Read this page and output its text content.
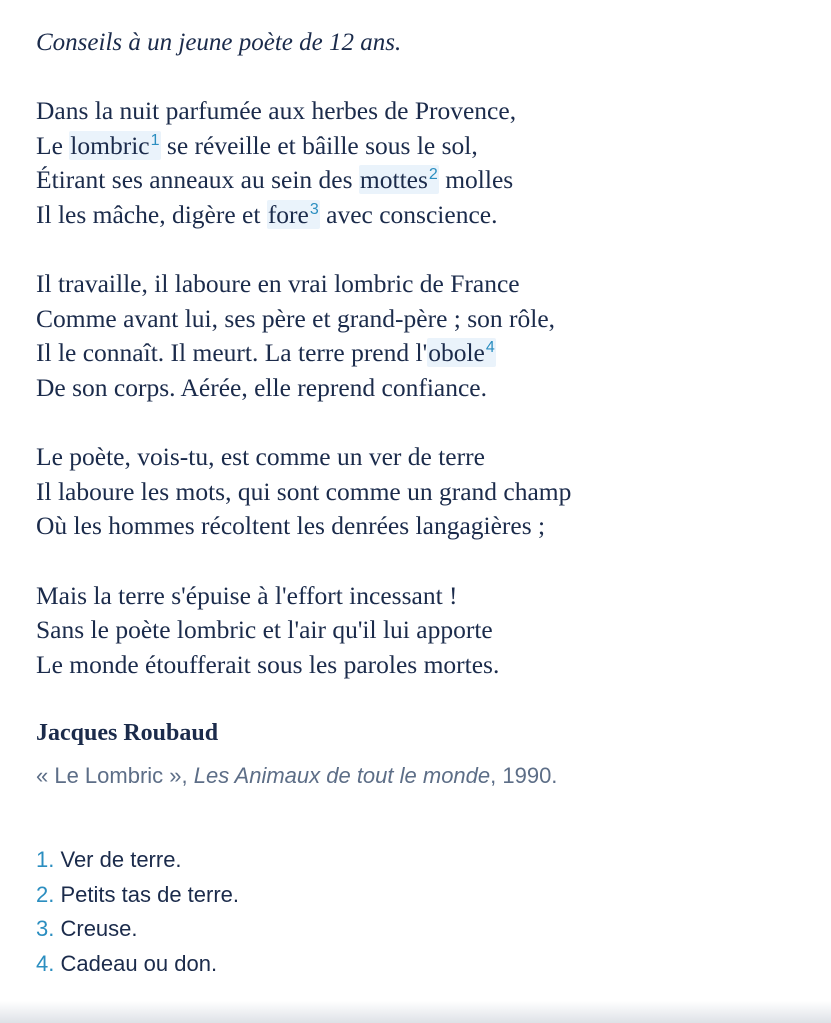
Conseils à un jeune poète de 12 ans.
Dans la nuit parfumée aux herbes de Provence,
Le lombric$^1$ se réveille et bâille sous le sol,
Étirant ses anneaux au sein des mottes$^2$ molles
Il les mâche, digère et fore$^3$ avec conscience.
Il travaille, il laboure en vrai lombric de France
Comme avant lui, ses père et grand-père ; son rôle,
Il le connaît. Il meurt. La terre prend l'obole$^4$
De son corps. Aérée, elle reprend confiance.
Le poète, vois-tu, est comme un ver de terre
Il laboure les mots, qui sont comme un grand champ
Où les hommes récoltent les denrées langagières ;
Mais la terre s'épuise à l'effort incessant !
Sans le poète lombric et l'air qu'il lui apporte
Le monde étoufferait sous les paroles mortes.
Jacques Roubaud
« Le Lombric », Les Animaux de tout le monde, 1990.
1. Ver de terre.
2. Petits tas de terre.
3. Creuse.
4. Cadeau ou don.
